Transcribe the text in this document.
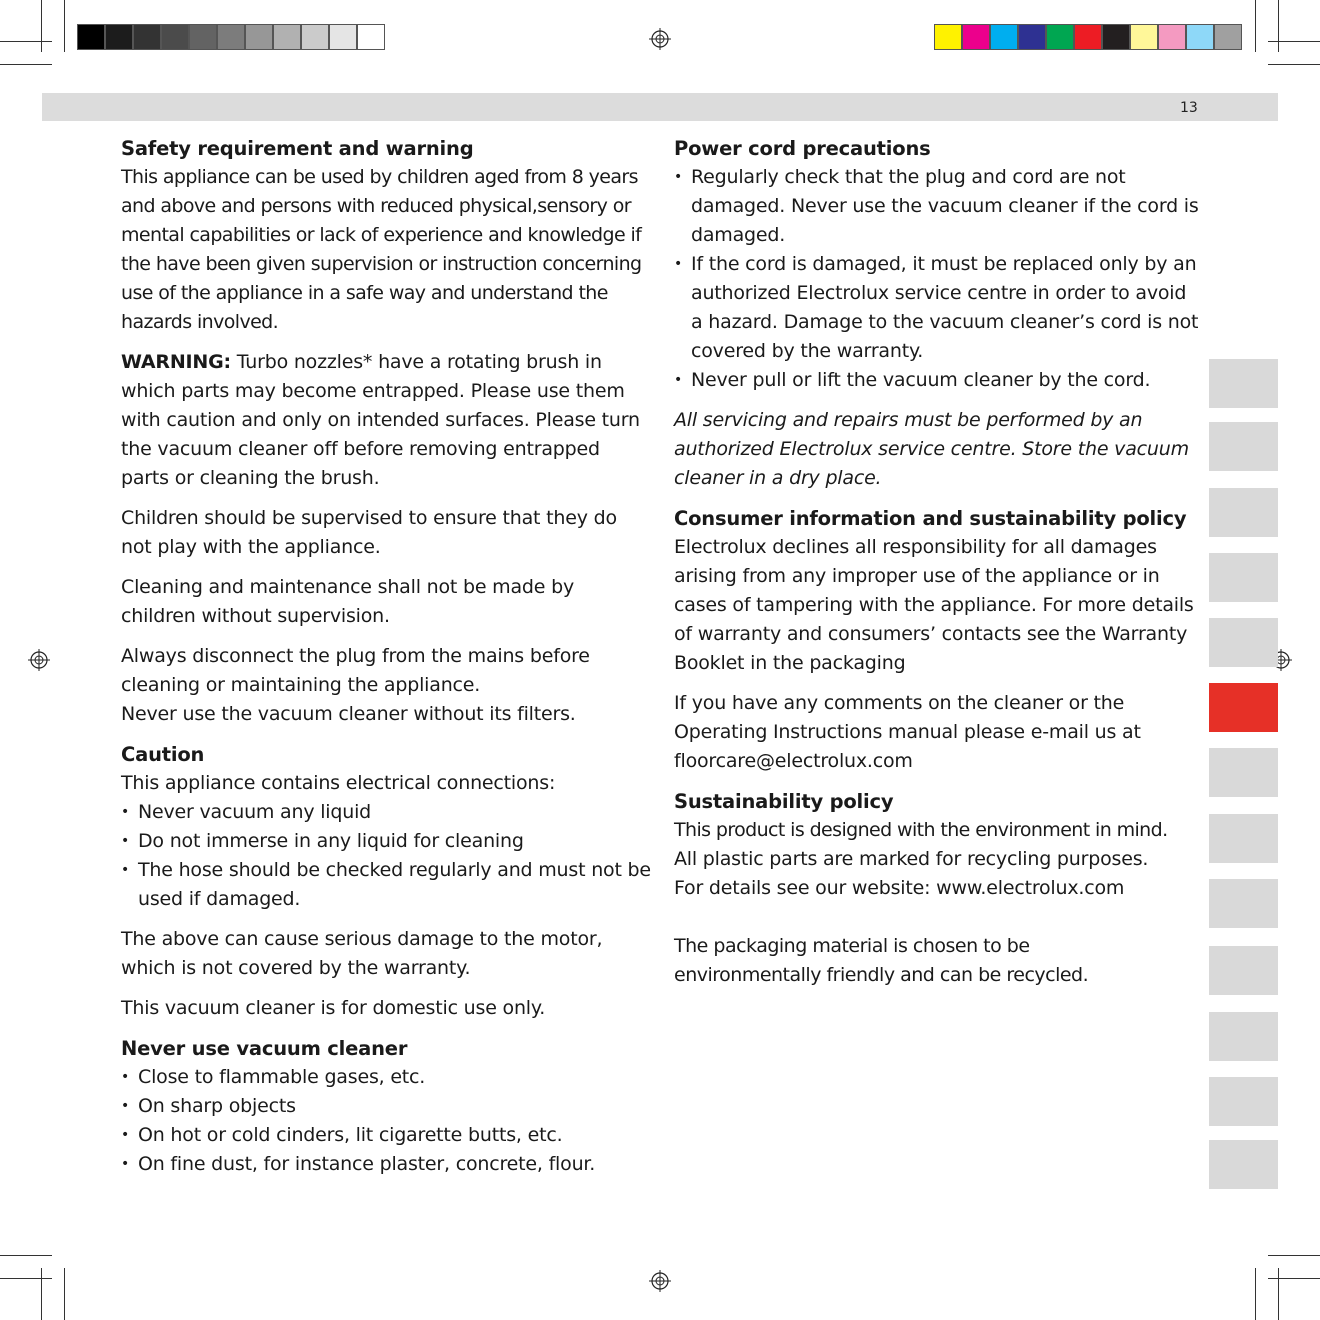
13
Safety requirement and warning

This appliance can be used by children aged from 8 years and above and persons with reduced physical,sensory or mental capabilities or lack of experience and knowledge if the have been given supervision or instruction concerning use of the appliance in a safe way and understand the hazards involved.

WARNING: Turbo nozzles* have a rotating brush in which parts may become entrapped. Please use them with caution and only on intended surfaces. Please turn the vacuum cleaner off before removing entrapped parts or cleaning the brush.

Children should be supervised to ensure that they do not play with the appliance.

Cleaning and maintenance shall not be made by children without supervision.

Always disconnect the plug from the mains before cleaning or maintaining the appliance.
Never use the vacuum cleaner without its filters.

Caution
This appliance contains electrical connections:
• Never vacuum any liquid
• Do not immerse in any liquid for cleaning
• The hose should be checked regularly and must not be used if damaged.

The above can cause serious damage to the motor, which is not covered by the warranty.

This vacuum cleaner is for domestic use only.

Never use vacuum cleaner
• Close to flammable gases, etc.
• On sharp objects
• On hot or cold cinders, lit cigarette butts, etc.
• On fine dust, for instance plaster, concrete, flour.
Power cord precautions
• Regularly check that the plug and cord are not damaged. Never use the vacuum cleaner if the cord is damaged.
• If the cord is damaged, it must be replaced only by an authorized Electrolux service centre in order to avoid a hazard. Damage to the vacuum cleaner’s cord is not covered by the warranty.
• Never pull or lift the vacuum cleaner by the cord.

All servicing and repairs must be performed by an authorized Electrolux service centre. Store the vacuum cleaner in a dry place.

Consumer information and sustainability policy

Electrolux declines all responsibility for all damages arising from any improper use of the appliance or in cases of tampering with the appliance. For more details of warranty and consumers’ contacts see the Warranty Booklet in the packaging

If you have any comments on the cleaner or the Operating Instructions manual please e-mail us at
floorcare@electrolux.com

Sustainability policy
This product is designed with the environment in mind.
All plastic parts are marked for recycling purposes.
For details see our website: www.electrolux.com

The packaging material is chosen to be environmentally friendly and can be recycled.
